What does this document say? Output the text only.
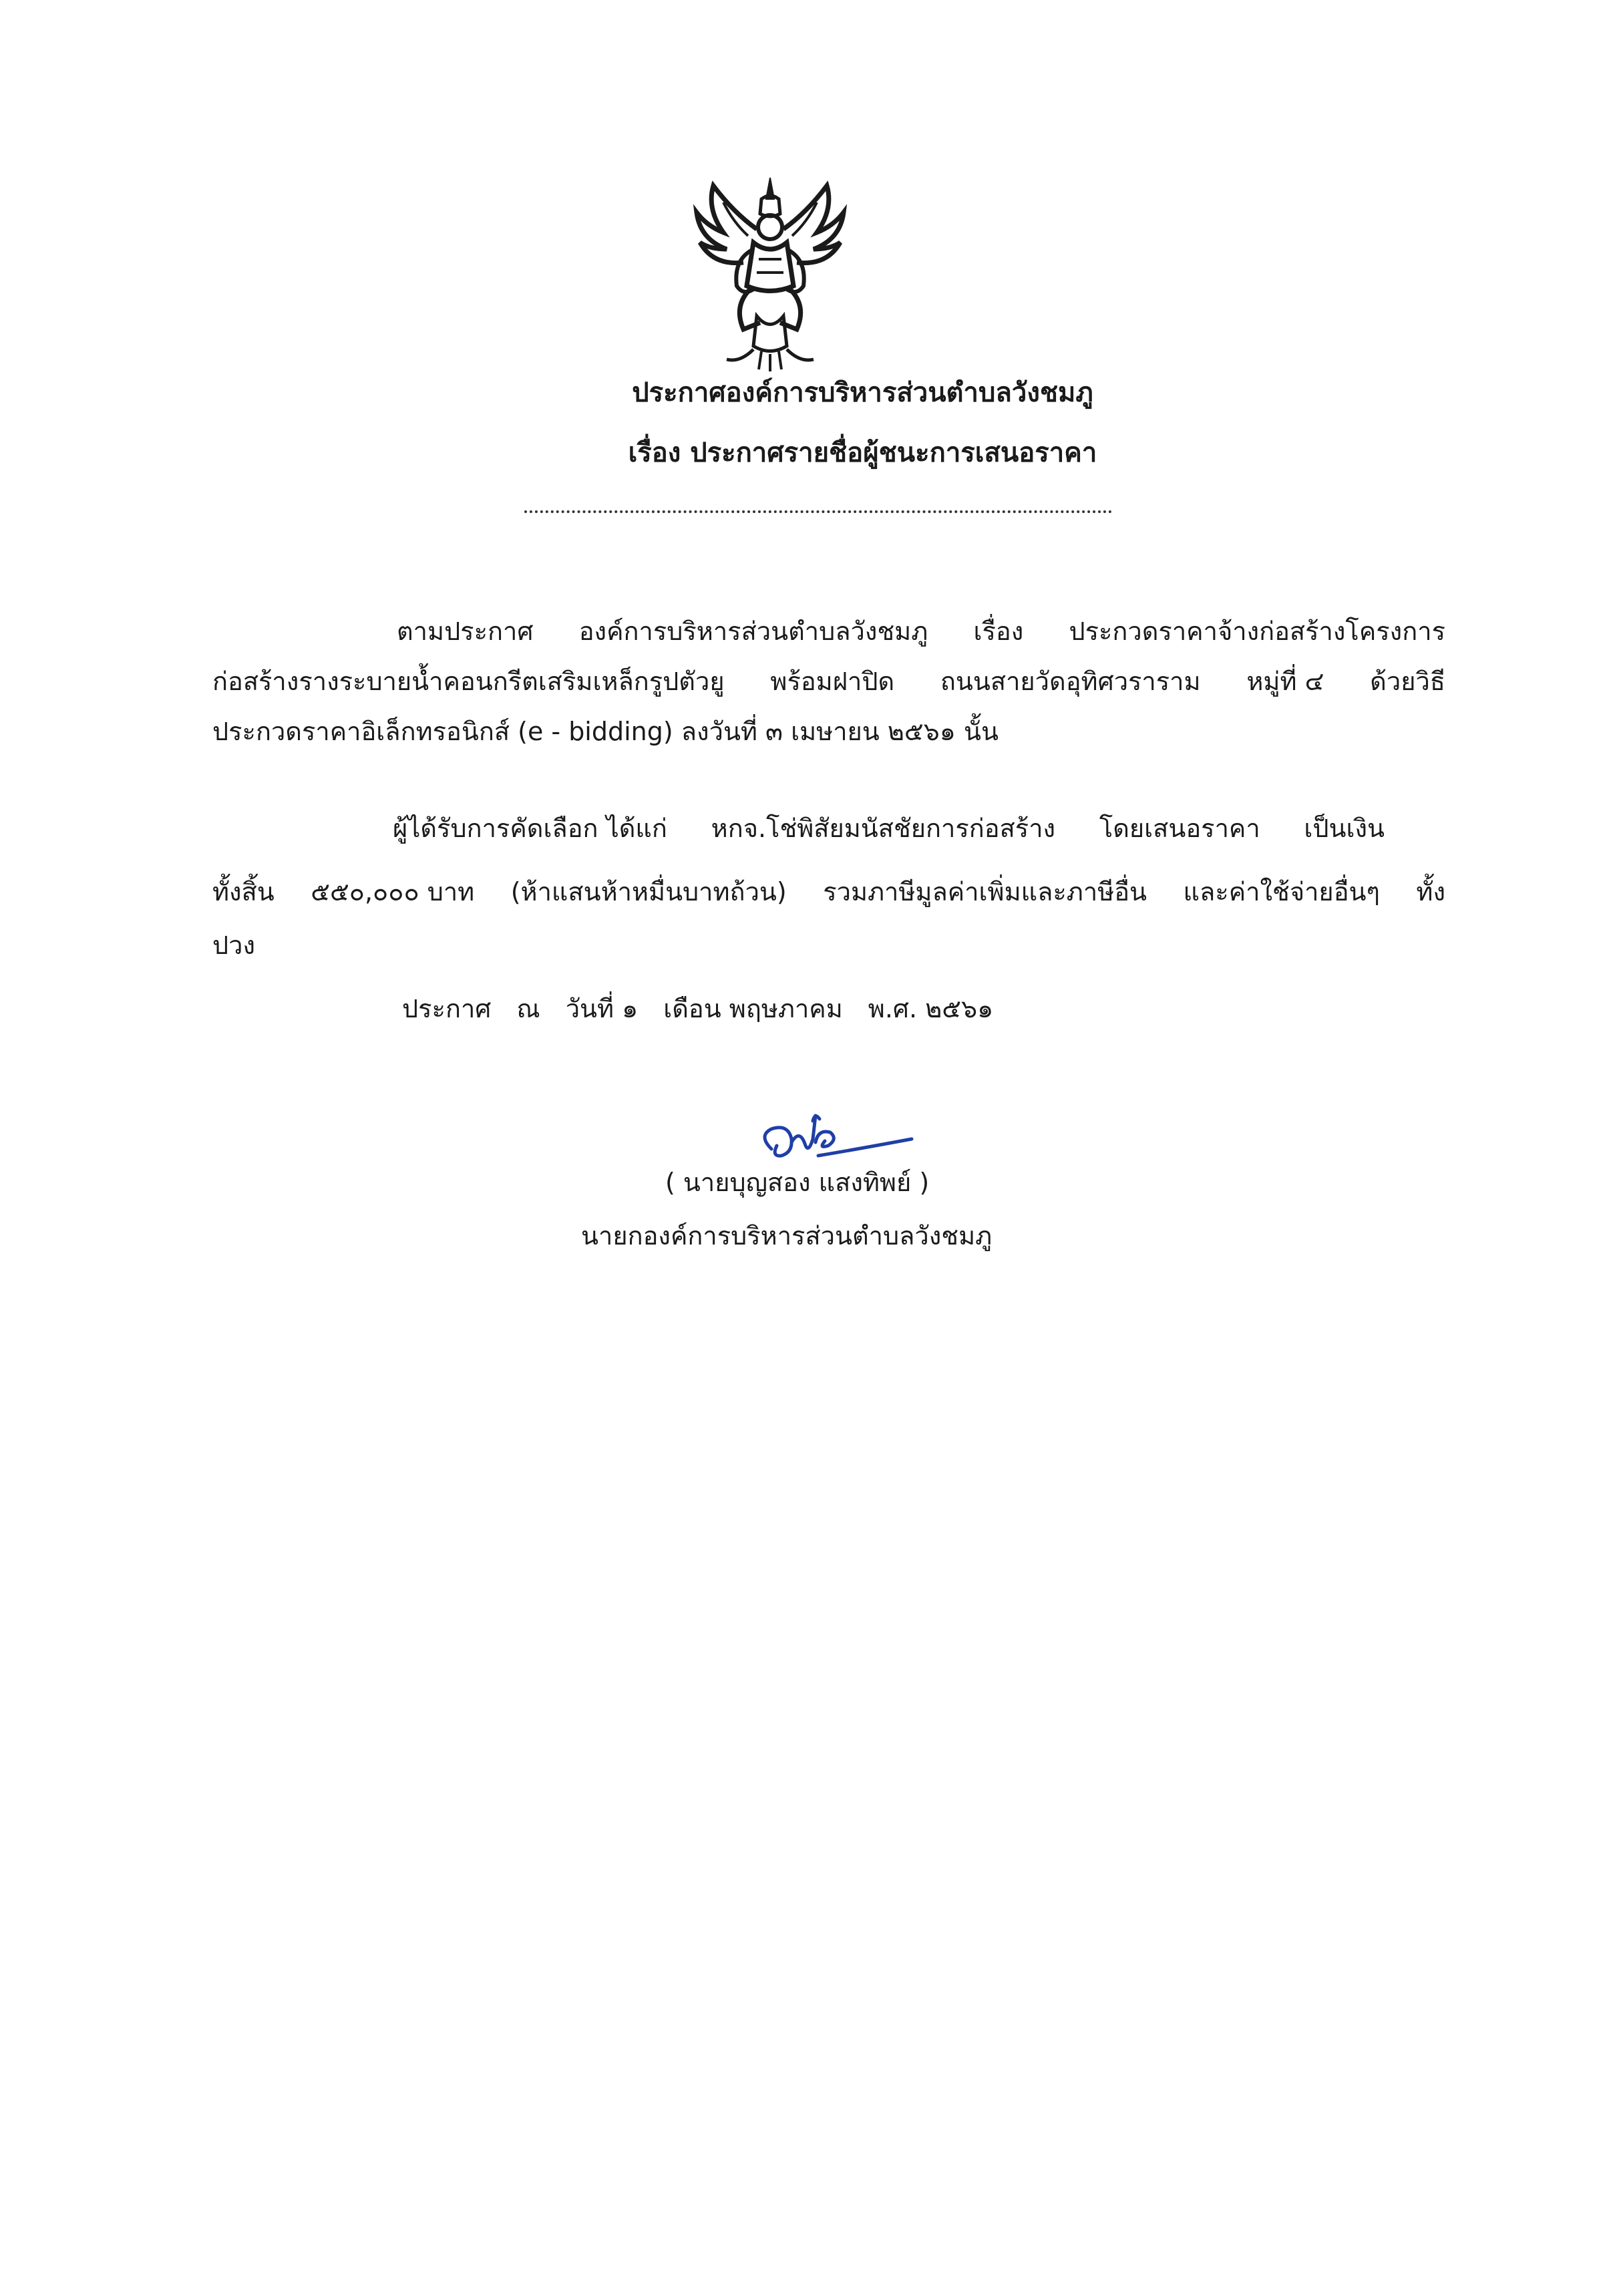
ประกาศองค์การบริหารส่วนตำบลวังชมภู
เรื่อง ประกาศรายชื่อผู้ชนะการเสนอราคา
ตามประกาศ องค์การบริหารส่วนตำบลวังชมภู เรื่อง ประกวดราคาจ้างก่อสร้างโครงการ
ก่อสร้างรางระบายน้ำคอนกรีตเสริมเหล็กรูปตัวยู พร้อมฝาปิด ถนนสายวัดอุทิศวราราม หมู่ที่ ๔ ด้วยวิธี
ประกวดราคาอิเล็กทรอนิกส์ (e - bidding) ลงวันที่ ๓ เมษายน ๒๕๖๑ นั้น
ผู้ได้รับการคัดเลือก ได้แก่ หกจ.โช่พิสัยมนัสชัยการก่อสร้าง โดยเสนอราคา เป็นเงิน
ทั้งสิ้น ๕๕๐,๐๐๐ บาท (ห้าแสนห้าหมื่นบาทถ้วน) รวมภาษีมูลค่าเพิ่มและภาษีอื่น และค่าใช้จ่ายอื่นๆ ทั้ง
ปวง
ประกาศ ณ วันที่ ๑ เดือน พฤษภาคม พ.ศ. ๒๕๖๑
( นายบุญสอง แสงทิพย์ )
นายกองค์การบริหารส่วนตำบลวังชมภู
